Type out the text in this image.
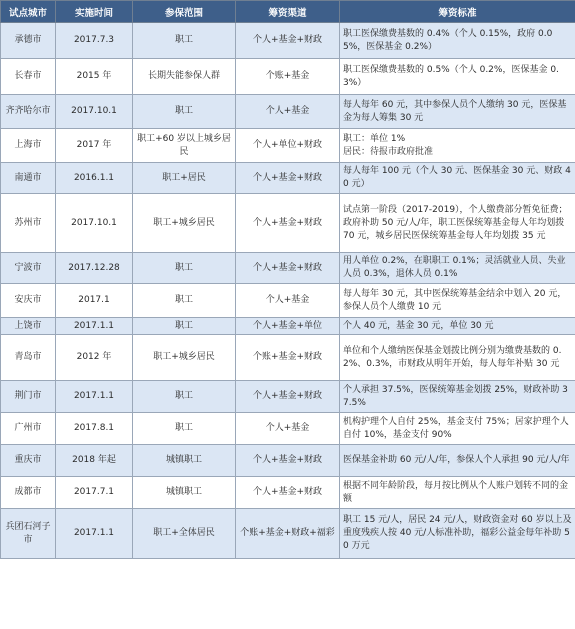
试点城市	实施时间	参保范围	筹资渠道	筹资标准
承德市	2017.7.3	职工	个人+基金+财政	职工医保缴费基数的 0.4%（个人 0.15%，政府 0.05%，医保基金 0.2%）
长春市	2015 年	长期失能参保人群	个账+基金	职工医保缴费基数的 0.5%（个人 0.2%，医保基金 0.3%）
齐齐哈尔市	2017.10.1	职工	个人+基金	每人每年 60 元，其中参保人员个人缴纳 30 元，医保基金为每人筹集 30 元
上海市	2017 年	职工+60 岁以上城乡居民	个人+单位+财政	职工：单位 1%
居民：待报市政府批准
南通市	2016.1.1	职工+居民	个人+基金+财政	每人每年 100 元（个人 30 元、医保基金 30 元、财政 40 元）
苏州市	2017.10.1	职工+城乡居民	个人+基金+财政	试点第一阶段（2017-2019），个人缴费部分暂免征费；政府补助 50 元/人/年，职工医保统筹基金每人年均划拨 70 元，城乡居民医保统筹基金每人年均划拨 35 元
宁波市	2017.12.28	职工	个人+基金+财政	用人单位 0.2%，在职职工 0.1%；灵活就业人员、失业人员 0.3%，退休人员 0.1%
安庆市	2017.1	职工	个人+基金	每人每年 30 元，其中医保统筹基金结余中划入 20 元，参保人员个人缴费 10 元
上饶市	2017.1.1	职工	个人+基金+单位	个人 40 元，基金 30 元，单位 30 元
青岛市	2012 年	职工+城乡居民	个账+基金+财政	单位和个人缴纳医保基金划拨比例分别为缴费基数的 0.2%、0.3%，市财政从明年开始，每人每年补贴 30 元
荆门市	2017.1.1	职工	个人+基金+财政	个人承担 37.5%，医保统筹基金划拨 25%，财政补助 37.5%
广州市	2017.8.1	职工	个人+基金	机构护理个人自付 25%，基金支付 75%；居家护理个人自付 10%，基金支付 90%
重庆市	2018 年起	城镇职工	个人+基金+财政	医保基金补助 60 元/人/年，参保人个人承担 90 元/人/年
成都市	2017.7.1	城镇职工	个人+基金+财政	根据不同年龄阶段，每月按比例从个人账户划转不同的金额
兵团石河子市	2017.1.1	职工+全体居民	个账+基金+财政+福彩	职工 15 元/人，居民 24 元/人，财政资金对 60 岁以上及重度残疾人按 40 元/人标准补助，福彩公益金每年补助 50 万元
